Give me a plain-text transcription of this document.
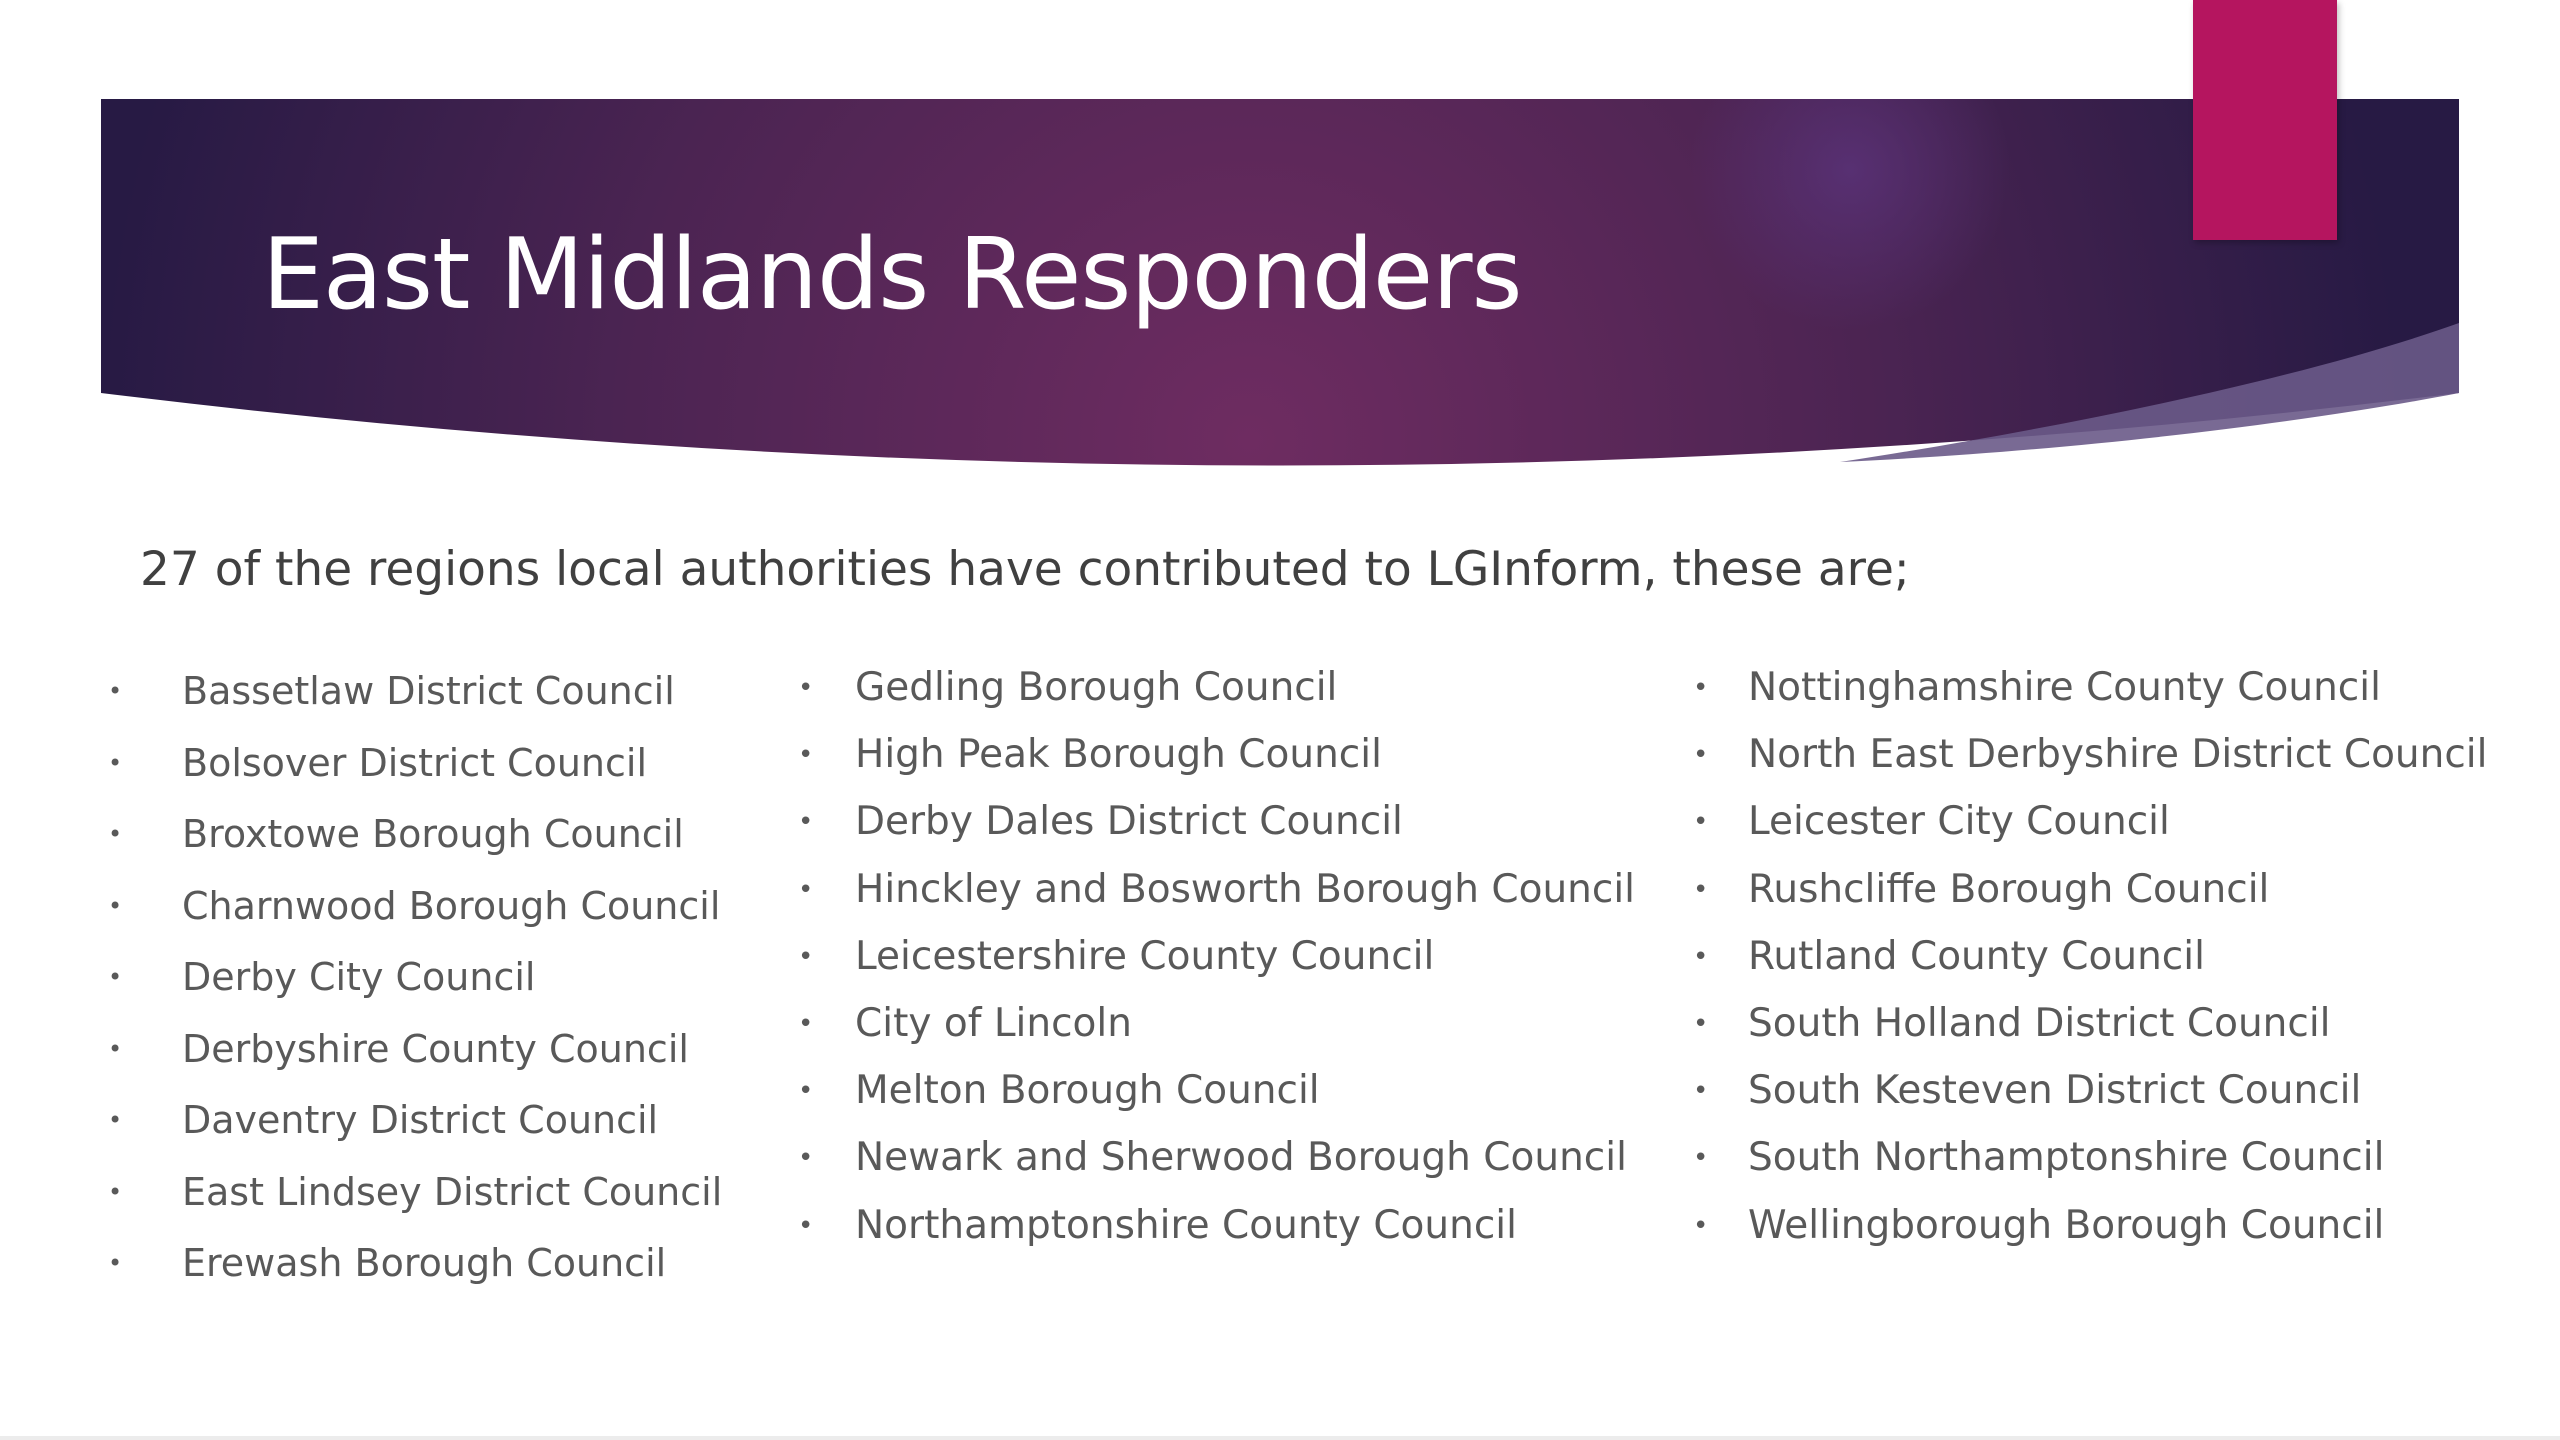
East Midlands Responders

27 of the regions local authorities have contributed to LGInform, these are;

• Bassetlaw District Council
• Bolsover District Council
• Broxtowe Borough Council
• Charnwood Borough Council
• Derby City Council
• Derbyshire County Council
• Daventry District Council
• East Lindsey District Council
• Erewash Borough Council
• Gedling Borough Council
• High Peak Borough Council
• Derby Dales District Council
• Hinckley and Bosworth Borough Council
• Leicestershire County Council
• City of Lincoln
• Melton Borough Council
• Newark and Sherwood Borough Council
• Northamptonshire County Council
• Nottinghamshire County Council
• North East Derbyshire District Council
• Leicester City Council
• Rushcliffe Borough Council
• Rutland County Council
• South Holland District Council
• South Kesteven District Council
• South Northamptonshire Council
• Wellingborough Borough Council
